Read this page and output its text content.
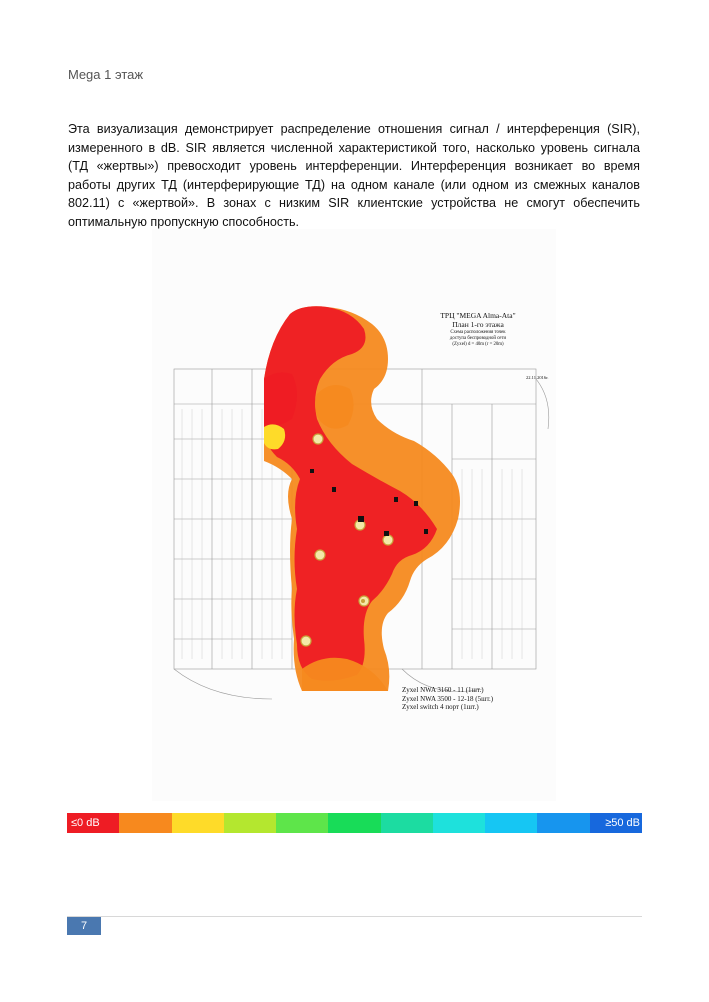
Mega 1 этаж
Эта визуализация демонстрирует распределение отношения сигнал / интерференция (SIR), измеренного в dB. SIR является численной характеристикой того, насколько уровень сигнала (ТД «жертвы») превосходит уровень интерференции. Интерференция возникает во время работы других ТД (интерферирующие ТД) на одном канале (или одном из смежных каналов 802.11) с «жертвой». В зонах с низким SIR клиентские устройства не смогут обеспечить оптимальную пропускную способность.
ТРЦ "MEGA Alma-Ata"
План 1-го этажа
Схема расположения точек
доступа беспроводной сети
(Zyxel) d = 40m (r = 20m)
22.11.2016г.
Zyxel NWA 3160 - 11 (1шт.)
Zyxel NWA 3500 - 12-18 (5шт.)
Zyxel switch 4 порт (1шт.)
≤0 dB	≥50 dB
7
